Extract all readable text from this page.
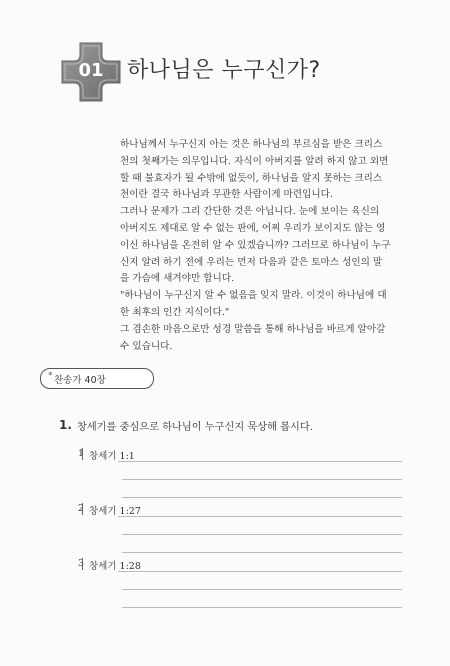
01	하나님은 누구신가?

하나님께서 누구신지 아는 것은 하나님의 부르심을 받은 크리스

천의 첫째가는 의무입니다. 자식이 아버지를 알려 하지 않고 외면

할 때 불효자가 될 수밖에 없듯이, 하나님을 알지 못하는 크리스

천이란 결국 하나님과 무관한 사람이게 마련입니다.

그러나 문제가 그리 간단한 것은 아닙니다. 눈에 보이는 육신의

아버지도 제대로 알 수 없는 판에, 어찌 우리가 보이지도 않는 영

이신 하나님을 온전히 알 수 있겠습니까? 그러므로 하나님이 누구

신지 알려 하기 전에 우리는 먼저 다음과 같은 토마스 성인의 말

을 가슴에 새겨야만 합니다.

"하나님이 누구신지 알 수 없음을 잊지 말라. 이것이 하나님에 대

한 최후의 인간 지식이다."

그 겸손한 마음으로만 성경 말씀을 통해 하나님을 바르게 알아갈

수 있습니다.

* 찬송가 40장
1. 창세기를 중심으로 하나님이 누구신지 묵상해 봅시다.
1 창세기 1:1
2 창세기 1:27
3 창세기 1:28
